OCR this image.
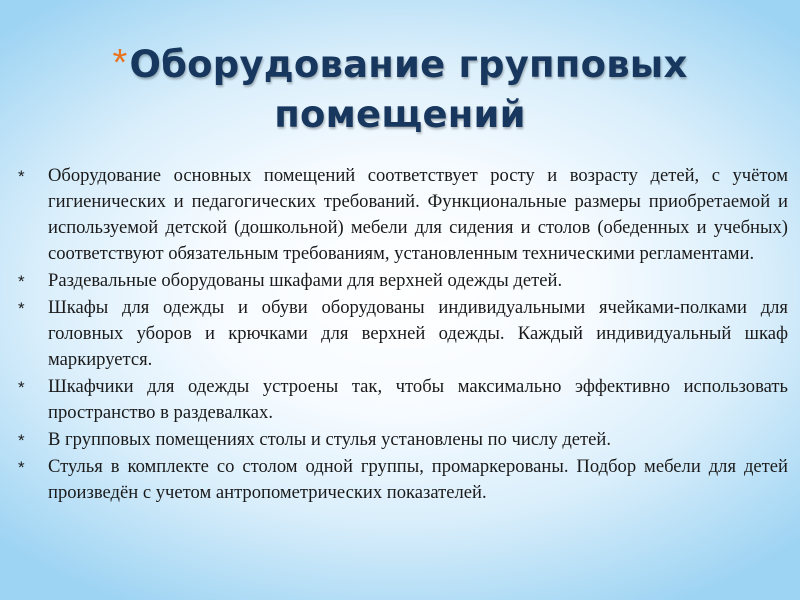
*Оборудование групповых помещений
* Оборудование основных помещений соответствует росту и возрасту детей, с учётом гигиенических и педагогических требований. Функциональные размеры приобретаемой и используемой детской (дошкольной) мебели для сидения и столов (обеденных и учебных) соответствуют обязательным требованиям, установленным техническими регламентами.
* Раздевальные оборудованы шкафами для верхней одежды детей.
* Шкафы для одежды и обуви оборудованы индивидуальными ячейками-полками для головных уборов и крючками для верхней одежды. Каждый индивидуальный шкаф маркируется.
* Шкафчики для одежды устроены так, чтобы максимально эффективно использовать пространство в раздевалках.
* В групповых помещениях столы и стулья установлены по числу детей.
* Стулья в комплекте со столом одной группы, промаркерованы. Подбор мебели для детей произведён с учетом антропометрических показателей.
